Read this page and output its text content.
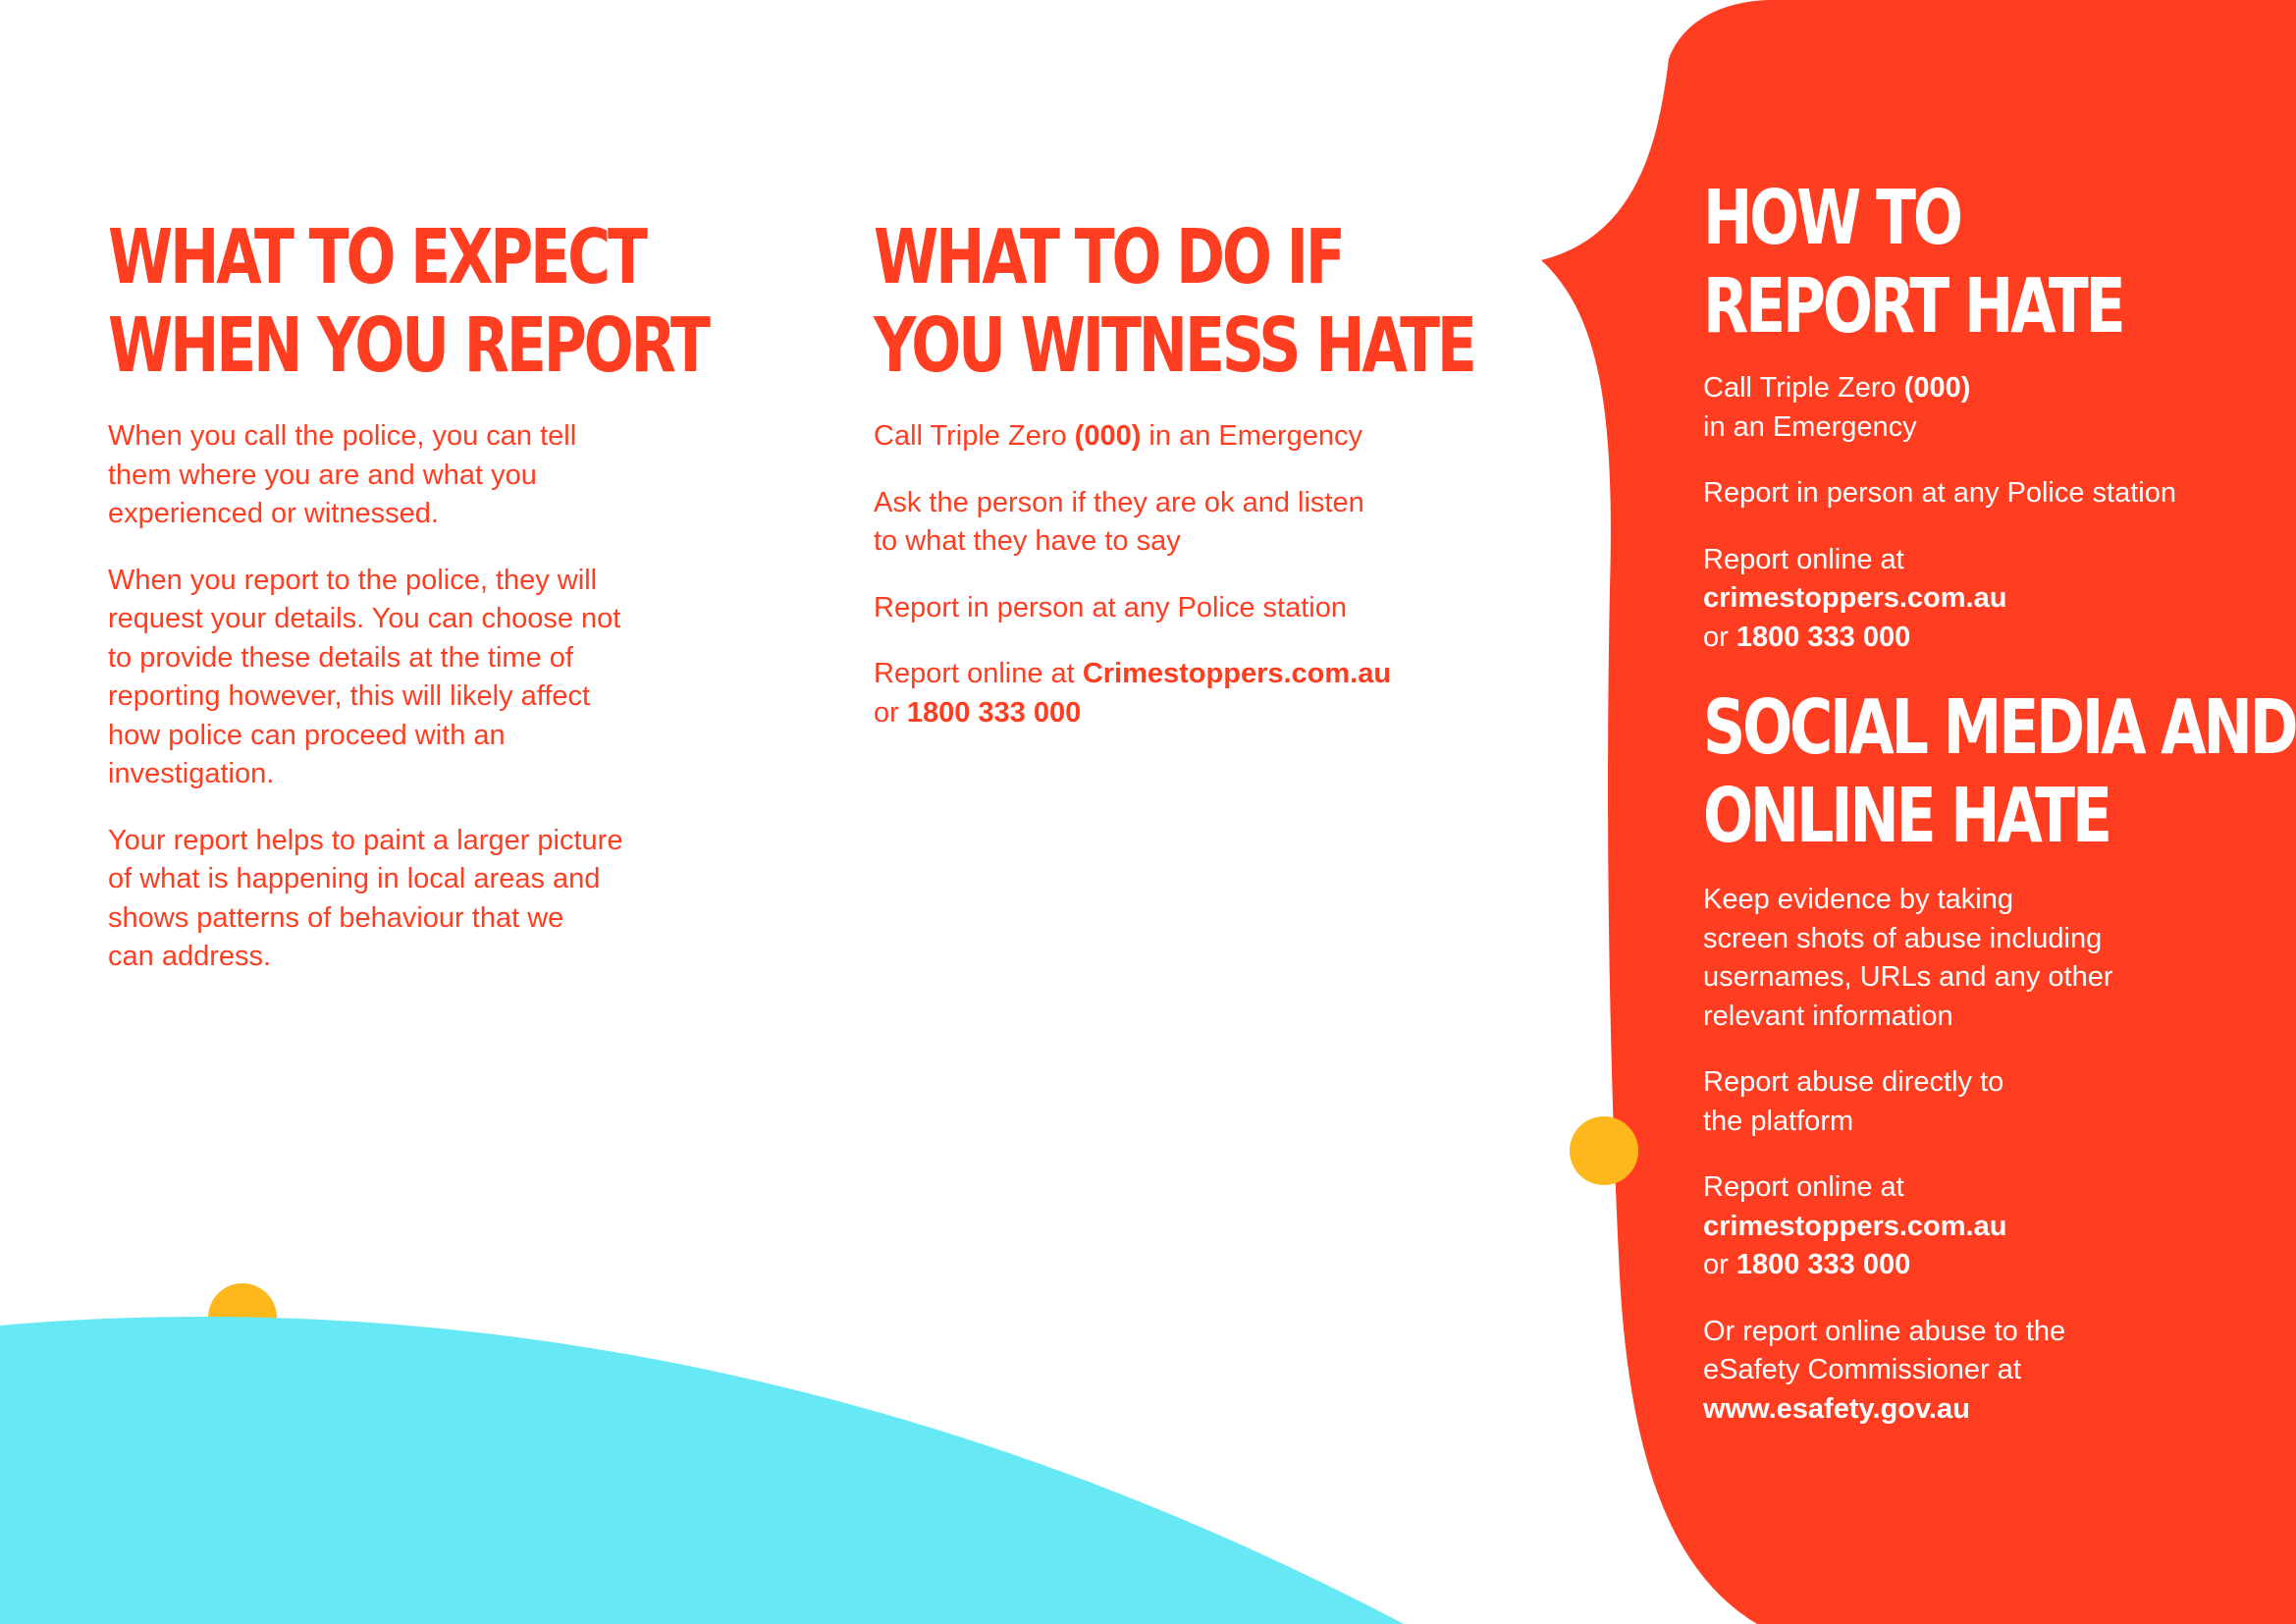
WHAT TO EXPECT
WHEN YOU REPORT

When you call the police, you can tell
them where you are and what you
experienced or witnessed.

When you report to the police, they will
request your details. You can choose not
to provide these details at the time of
reporting however, this will likely affect
how police can proceed with an
investigation.

Your report helps to paint a larger picture
of what is happening in local areas and
shows patterns of behaviour that we
can address.

WHAT TO DO IF
YOU WITNESS HATE

Call Triple Zero (000) in an Emergency

Ask the person if they are ok and listen
to what they have to say

Report in person at any Police station

Report online at Crimestoppers.com.au
or 1800 333 000

HOW TO
REPORT HATE

Call Triple Zero (000)
in an Emergency

Report in person at any Police station

Report online at
crimestoppers.com.au
or 1800 333 000

SOCIAL MEDIA AND
ONLINE HATE

Keep evidence by taking
screen shots of abuse including
usernames, URLs and any other
relevant information

Report abuse directly to
the platform

Report online at
crimestoppers.com.au
or 1800 333 000

Or report online abuse to the
eSafety Commissioner at
www.esafety.gov.au
